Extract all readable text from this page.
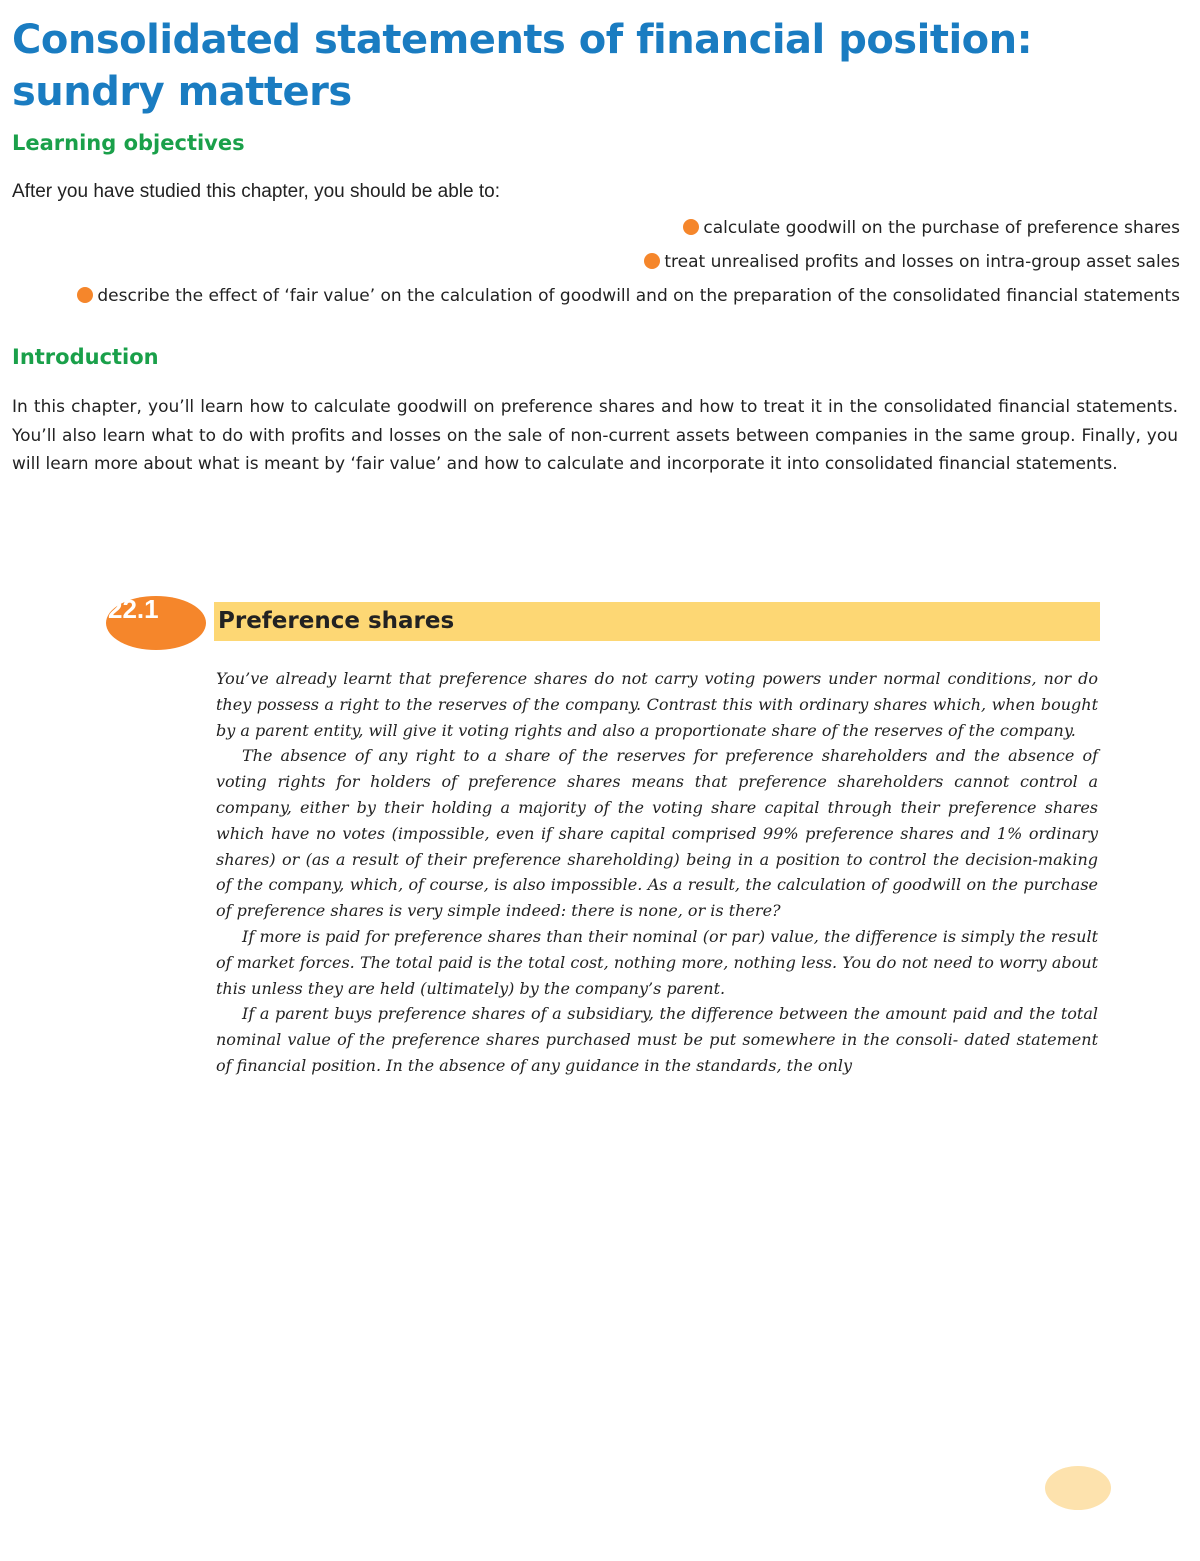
Consolidated statements of financial position: sundry matters
Learning objectives

After you have studied this chapter, you should be able to:

calculate goodwill on the purchase of preference shares
treat unrealised profits and losses on intra-group asset sales
describe the effect of ‘fair value’ on the calculation of goodwill and on the preparation of the consolidated financial statements
Introduction

In this chapter, you’ll learn how to calculate goodwill on preference shares and how to treat it in the consolidated financial statements. You’ll also learn what to do with profits and losses on the sale of non-current assets between companies in the same group. Finally, you will learn more about what is meant by ‘fair value’ and how to calculate and incorporate it into consolidated financial statements.

22.1	Preference shares

You’ve already learnt that preference shares do not carry voting powers under normal conditions, nor do they possess a right to the reserves of the company. Contrast this with ordinary shares which, when bought by a parent entity, will give it voting rights and also a proportionate share of the reserves of the company.

The absence of any right to a share of the reserves for preference shareholders and the absence of voting rights for holders of preference shares means that preference shareholders cannot control a company, either by their holding a majority of the voting share capital through their preference shares which have no votes (impossible, even if share capital comprised 99% preference shares and 1% ordinary shares) or (as a result of their preference shareholding) being in a position to control the decision-making of the company, which, of course, is also impossible. As a result, the calculation of goodwill on the purchase of preference shares is very simple indeed: there is none, or is there?

If more is paid for preference shares than their nominal (or par) value, the difference is simply the result of market forces. The total paid is the total cost, nothing more, nothing less. You do not need to worry about this unless they are held (ultimately) by the company’s parent.

If a parent buys preference shares of a subsidiary, the difference between the amount paid and the total nominal value of the preference shares purchased must be put somewhere in the consoli- dated statement of financial position. In the absence of any guidance in the standards, the only
